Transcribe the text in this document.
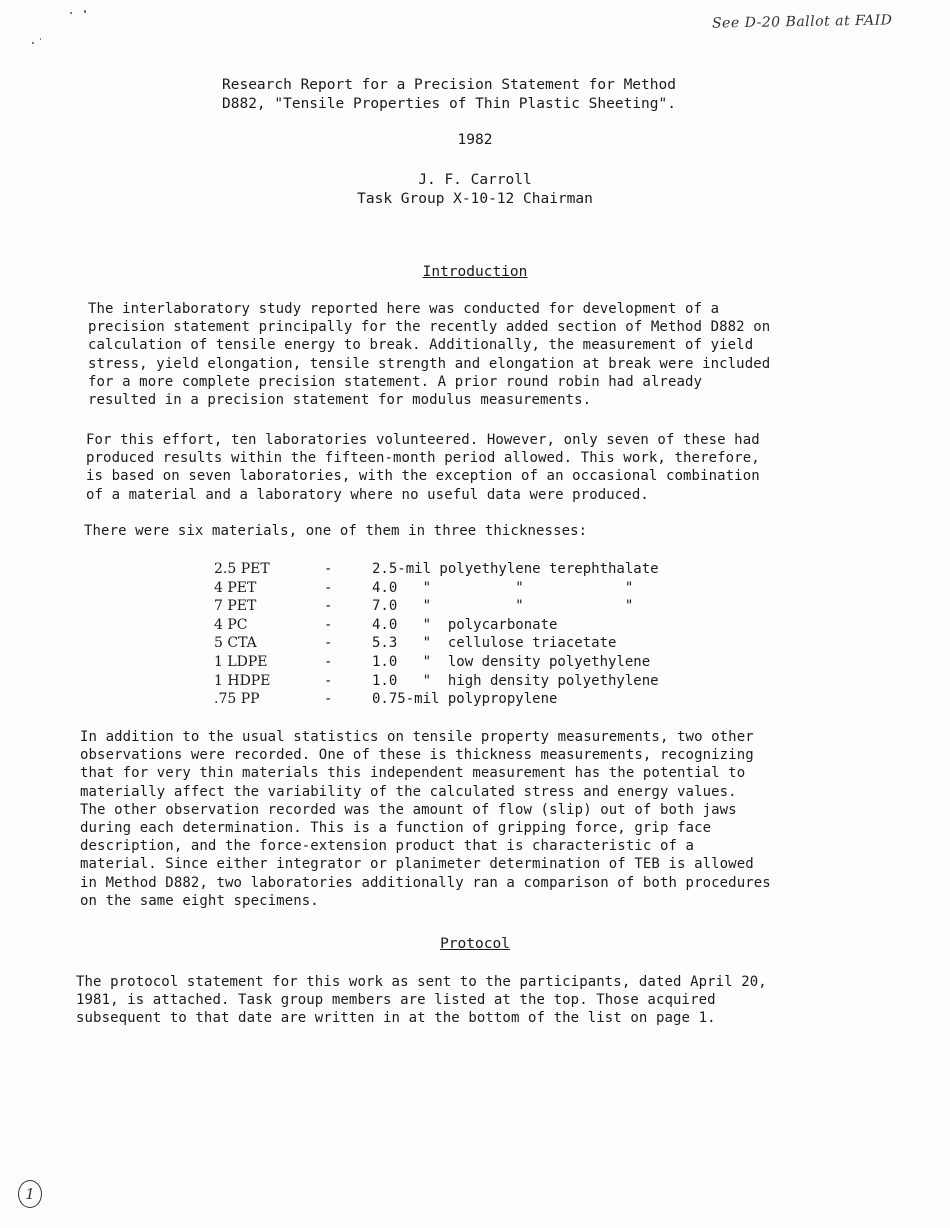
See D-20 Ballot at FAID
Research Report for a Precision Statement for Method
D882, "Tensile Properties of Thin Plastic Sheeting".
1982
J. F. Carroll
Task Group X-10-12 Chairman
Introduction
The interlaboratory study reported here was conducted for development of a
precision statement principally for the recently added section of Method D882 on
calculation of tensile energy to break. Additionally, the measurement of yield
stress, yield elongation, tensile strength and elongation at break were included
for a more complete precision statement. A prior round robin had already
resulted in a precision statement for modulus measurements.
For this effort, ten laboratories volunteered. However, only seven of these had
produced results within the fifteen-month period allowed. This work, therefore,
is based on seven laboratories, with the exception of an occasional combination
of a material and a laboratory where no useful data were produced.
There were six materials, one of them in three thicknesses:
2.5 PET	-	2.5-mil polyethylene terephthalate
4 PET	-	4.0   "          "            "
7 PET	-	7.0   "          "            "
4 PC	-	4.0   "  polycarbonate
5 CTA	-	5.3   "  cellulose triacetate
1 LDPE	-	1.0   "  low density polyethylene
1 HDPE	-	1.0   "  high density polyethylene
.75 PP	-	0.75-mil polypropylene
In addition to the usual statistics on tensile property measurements, two other
observations were recorded. One of these is thickness measurements, recognizing
that for very thin materials this independent measurement has the potential to
materially affect the variability of the calculated stress and energy values.
The other observation recorded was the amount of flow (slip) out of both jaws
during each determination. This is a function of gripping force, grip face
description, and the force-extension product that is characteristic of a
material. Since either integrator or planimeter determination of TEB is allowed
in Method D882, two laboratories additionally ran a comparison of both procedures
on the same eight specimens.
Protocol
The protocol statement for this work as sent to the participants, dated April 20,
1981, is attached. Task group members are listed at the top. Those acquired
subsequent to that date are written in at the bottom of the list on page 1.
1
